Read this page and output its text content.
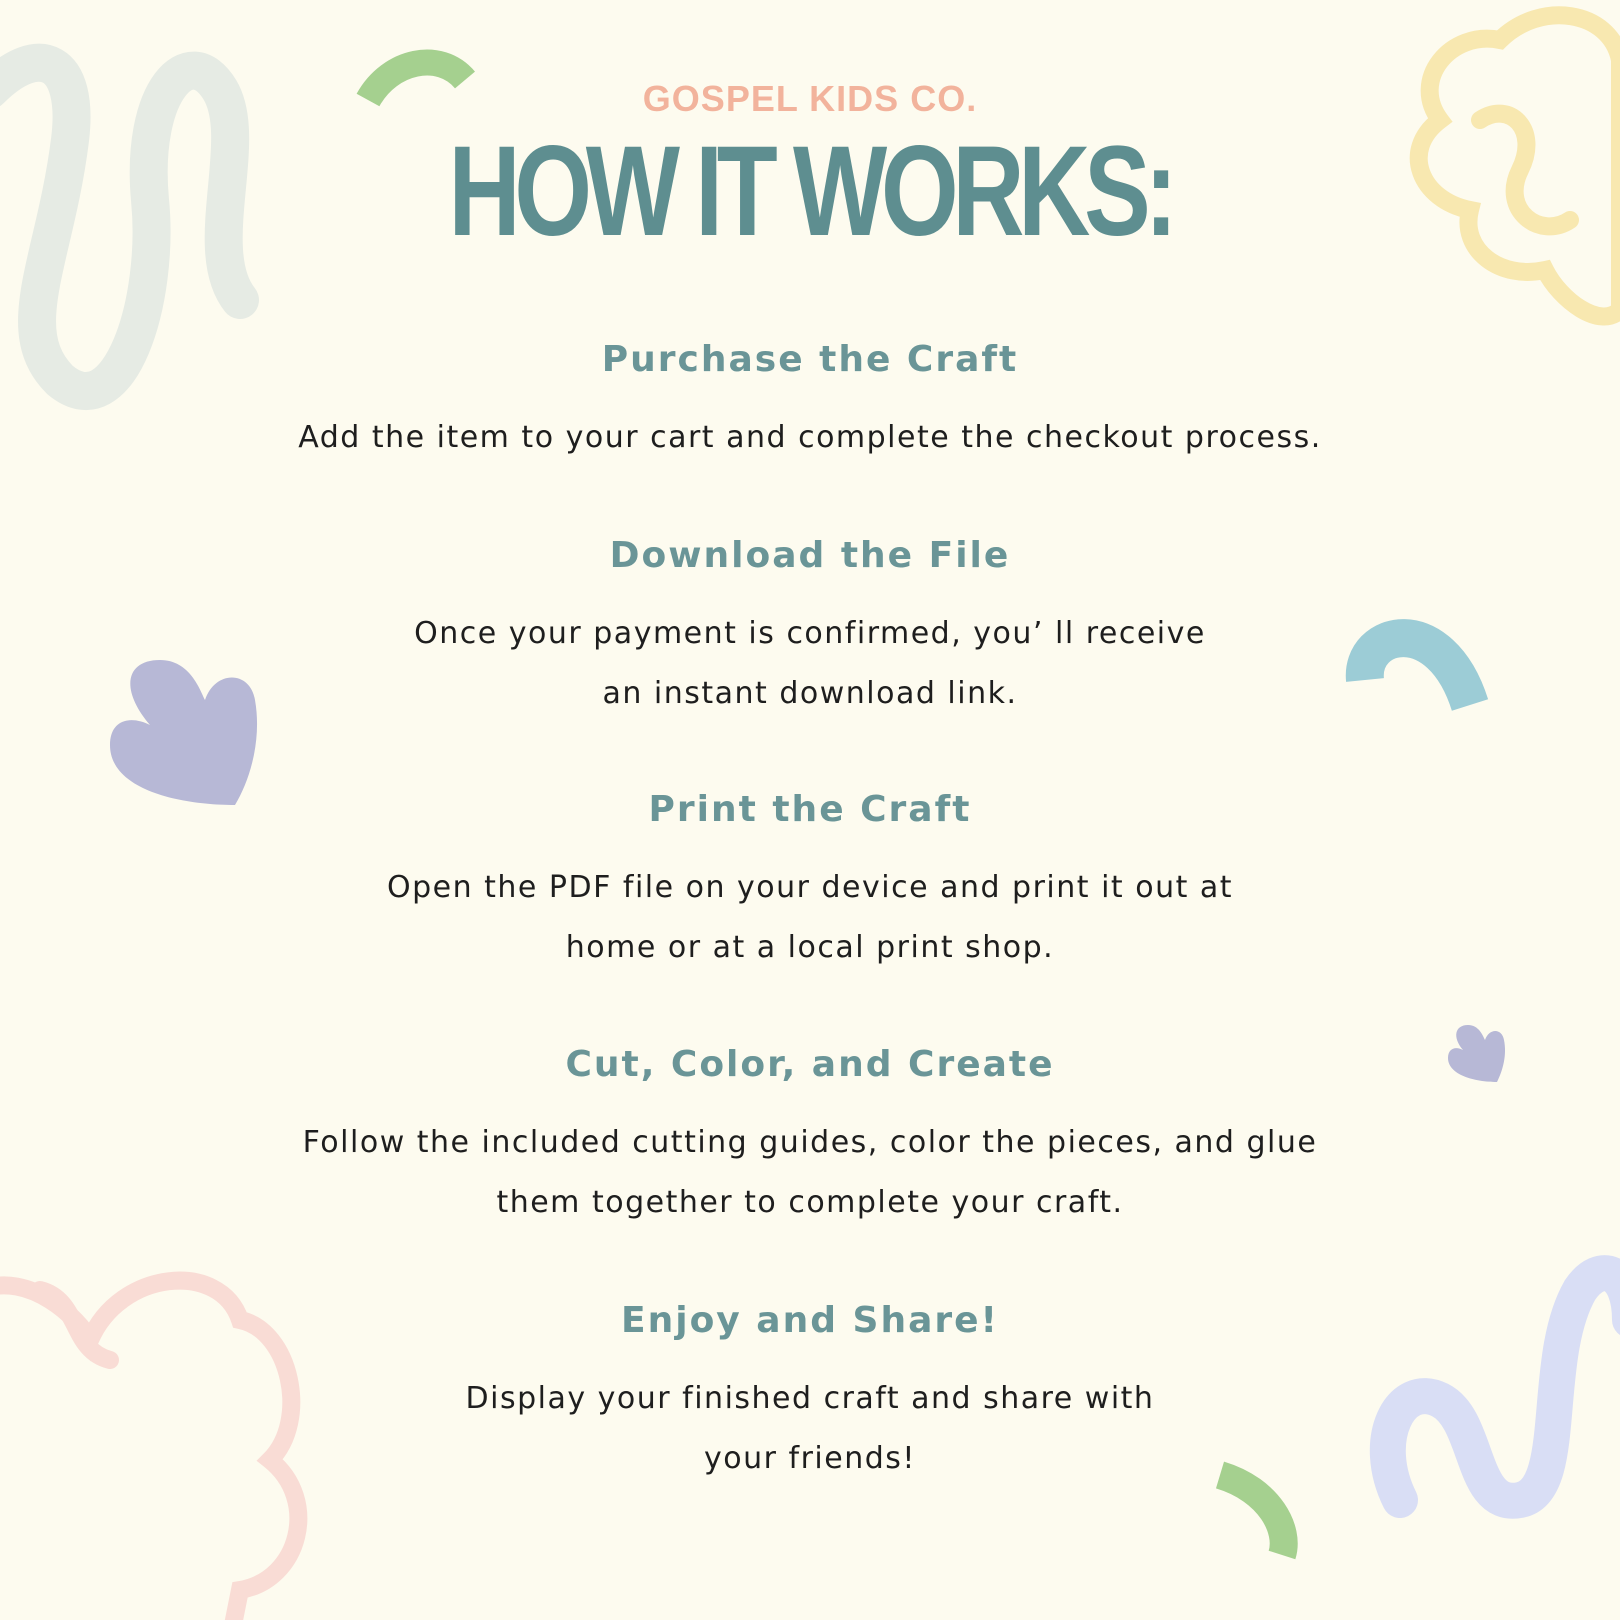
GOSPEL KIDS CO.
HOW IT WORKS:
Purchase the Craft

Add the item to your cart and complete the checkout process.

Download the File

Once your payment is confirmed, you’ ll receive an instant download link.

Print the Craft

Open the PDF file on your device and print it out at home or at a local print shop.

Cut, Color, and Create

Follow the included cutting guides, color the pieces, and glue them together to complete your craft.

Enjoy and Share!

Display your finished craft and share with your friends!
